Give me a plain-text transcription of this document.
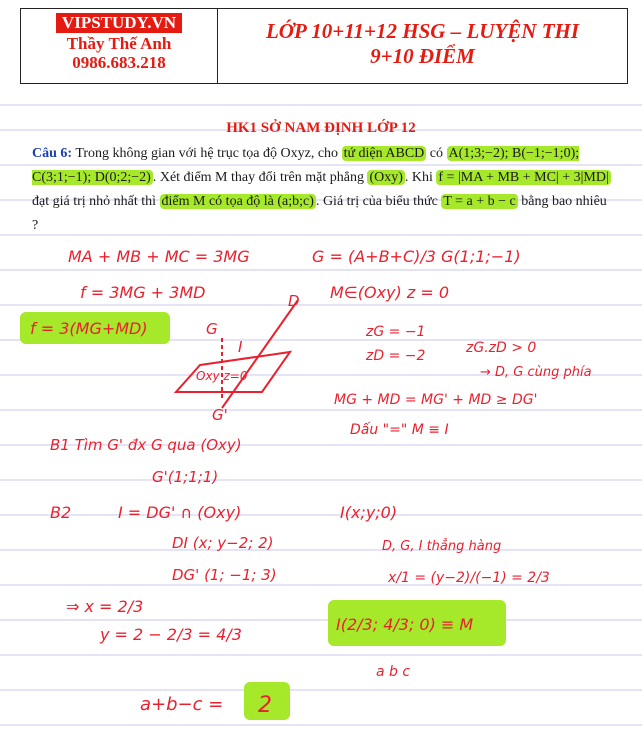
VIPSTUDY.VN
Thầy Thế Anh
0986.683.218
LỚP 10+11+12 HSG – LUYỆN THI
9+10 ĐIỂM
HK1 SỞ NAM ĐỊNH LỚP 12
Câu 6: Trong không gian với hệ trục tọa độ Oxyz, cho tứ diện ABCD có A(1;3;−2); B(−1;−1;0); C(3;1;−1); D(0;2;−2) . Xét điểm M thay đổi trên mặt phẳng (Oxy) . Khi f = |MA + MB + MC| + 3|MD| đạt giá trị nhỏ nhất thì điểm M có tọa độ là (a;b;c) . Giá trị của biểu thức T = a + b − c bằng bao nhiêu ?
MA + MB + MC = 3MG	G = (A+B+C)/3 G(1;1;−1)
f = 3MG + 3MD	M∈(Oxy) z = 0
f = 3(MG+MD)
D
G
I
Oxy z=0
G'
zG = −1
zD = −2	zG.zD > 0
→ D, G cùng phía
MG + MD = MG' + MD ≥ DG'
Dấu "=" M ≡ I
B1 Tìm G' đx G qua (Oxy)
G'(1;1;1)
B2	I = DG' ∩ (Oxy)	I(x;y;0)
DI (x; y−2; 2)	D, G, I thẳng hàng
DG' (1; −1; 3)	x/1 = (y−2)/(−1) = 2/3
⇒ x = 2/3
y = 2 − 2/3 = 4/3
I(2/3; 4/3; 0) ≡ M
a b c
a+b−c = 2
